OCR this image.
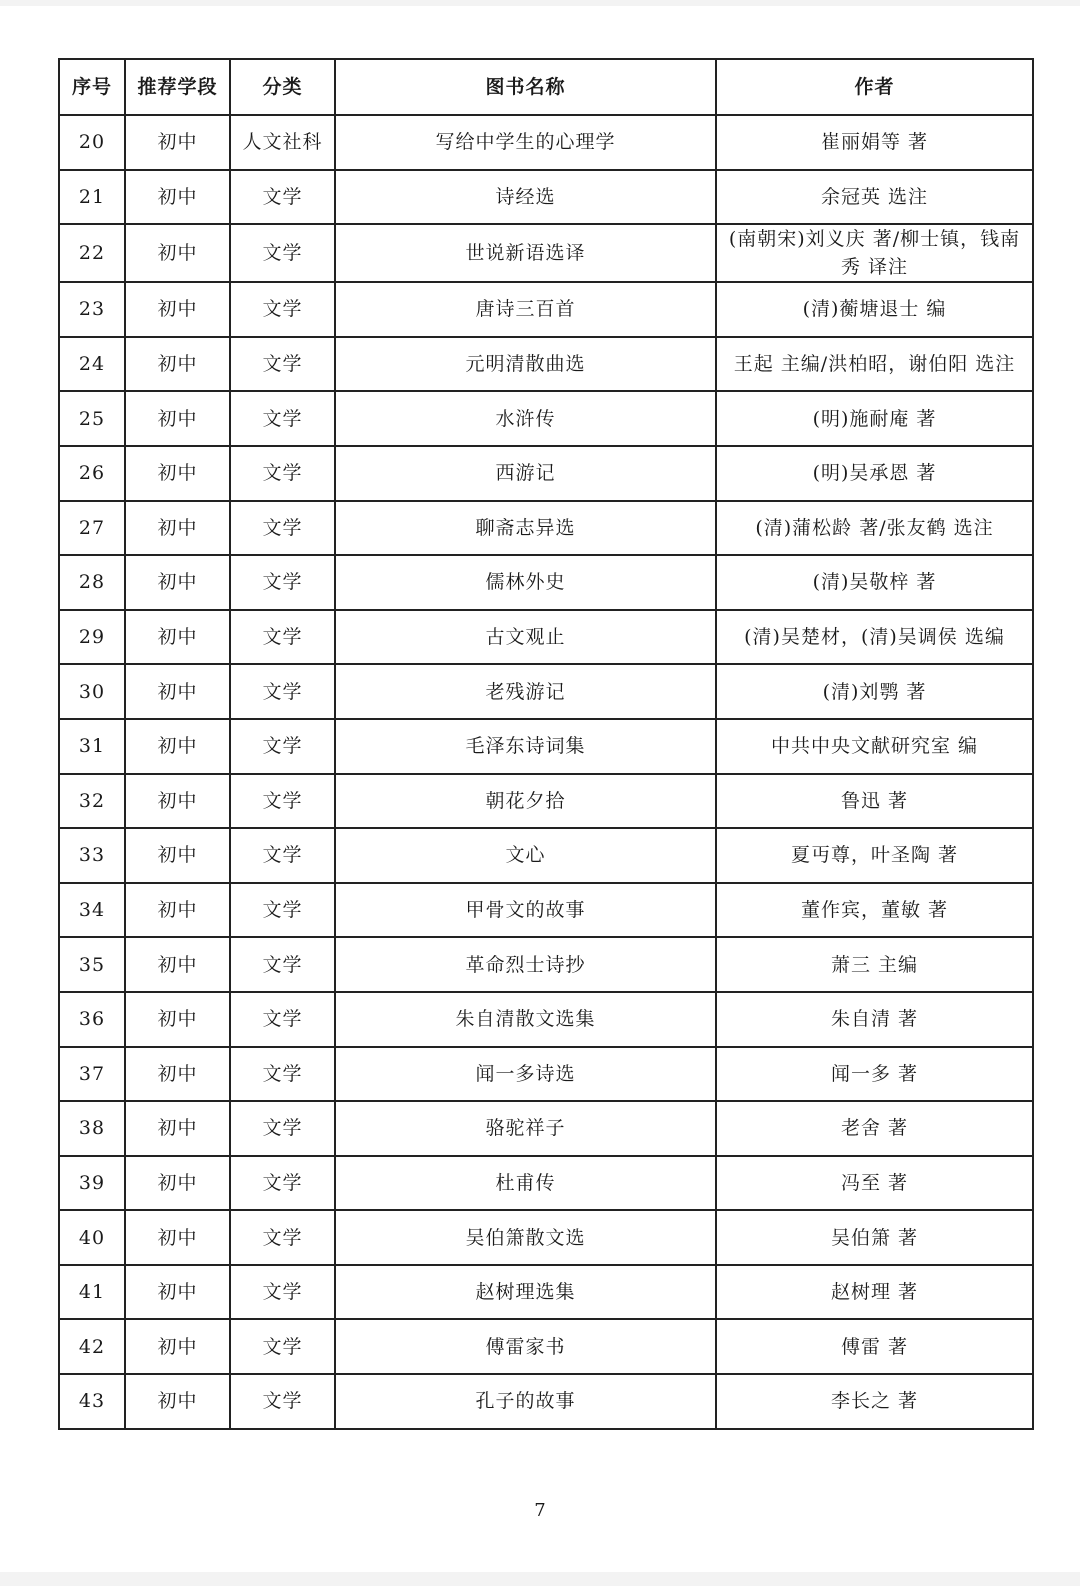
序号	推荐学段	分类	图书名称	作者
20	初中	人文社科	写给中学生的心理学	崔丽娟等 著
21	初中	文学	诗经选	余冠英 选注
22	初中	文学	世说新语选译	(南朝宋)刘义庆 著/柳士镇，钱南秀 译注
23	初中	文学	唐诗三百首	(清)蘅塘退士 编
24	初中	文学	元明清散曲选	王起 主编/洪柏昭，谢伯阳 选注
25	初中	文学	水浒传	(明)施耐庵 著
26	初中	文学	西游记	(明)吴承恩 著
27	初中	文学	聊斋志异选	(清)蒲松龄 著/张友鹤 选注
28	初中	文学	儒林外史	(清)吴敬梓 著
29	初中	文学	古文观止	(清)吴楚材，(清)吴调侯 选编
30	初中	文学	老残游记	(清)刘鹗 著
31	初中	文学	毛泽东诗词集	中共中央文献研究室 编
32	初中	文学	朝花夕拾	鲁迅 著
33	初中	文学	文心	夏丏尊，叶圣陶 著
34	初中	文学	甲骨文的故事	董作宾，董敏 著
35	初中	文学	革命烈士诗抄	萧三 主编
36	初中	文学	朱自清散文选集	朱自清 著
37	初中	文学	闻一多诗选	闻一多 著
38	初中	文学	骆驼祥子	老舍 著
39	初中	文学	杜甫传	冯至 著
40	初中	文学	吴伯箫散文选	吴伯箫 著
41	初中	文学	赵树理选集	赵树理 著
42	初中	文学	傅雷家书	傅雷 著
43	初中	文学	孔子的故事	李长之 著
7
